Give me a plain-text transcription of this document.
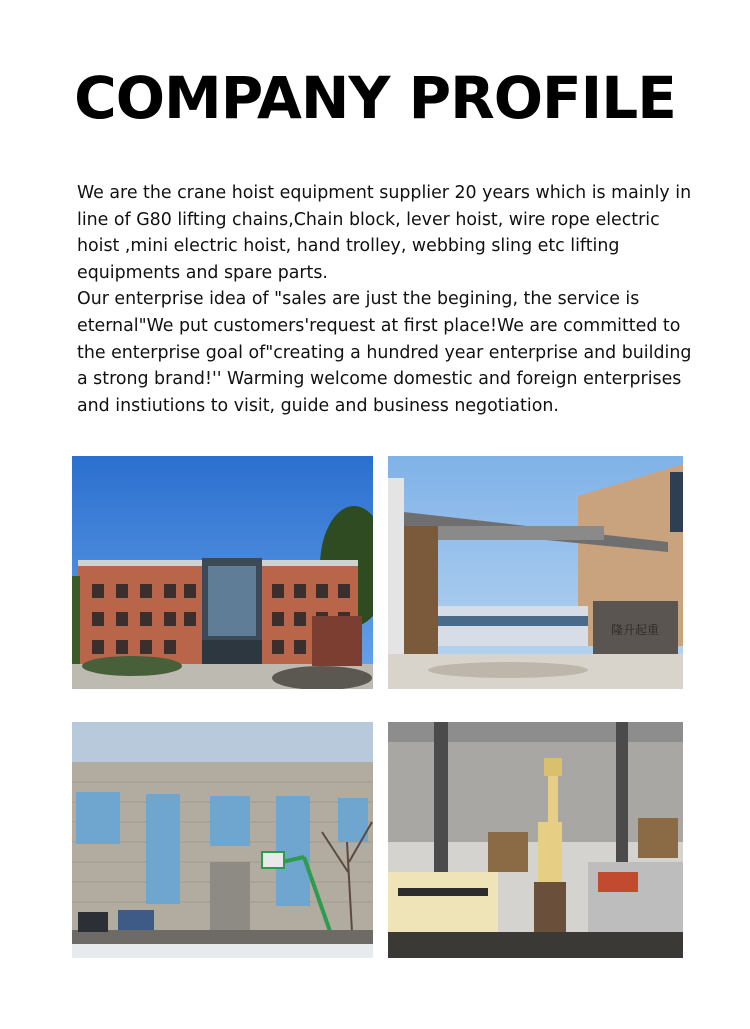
COMPANY PROFILE

We are the crane hoist equipment supplier 20 years which is mainly in line of G80 lifting chains,Chain block, lever hoist, wire rope electric hoist ,mini electric hoist, hand trolley, webbing sling etc lifting equipments and spare parts.

Our enterprise idea of "sales are just the begining, the service is eternal"We put customers'request at first place!We are committed to the enterprise goal of"creating a hundred year enterprise and building a strong brand!'' Warming welcome domestic and foreign enterprises and instiutions to visit, guide and business negotiation.

隆升起重
